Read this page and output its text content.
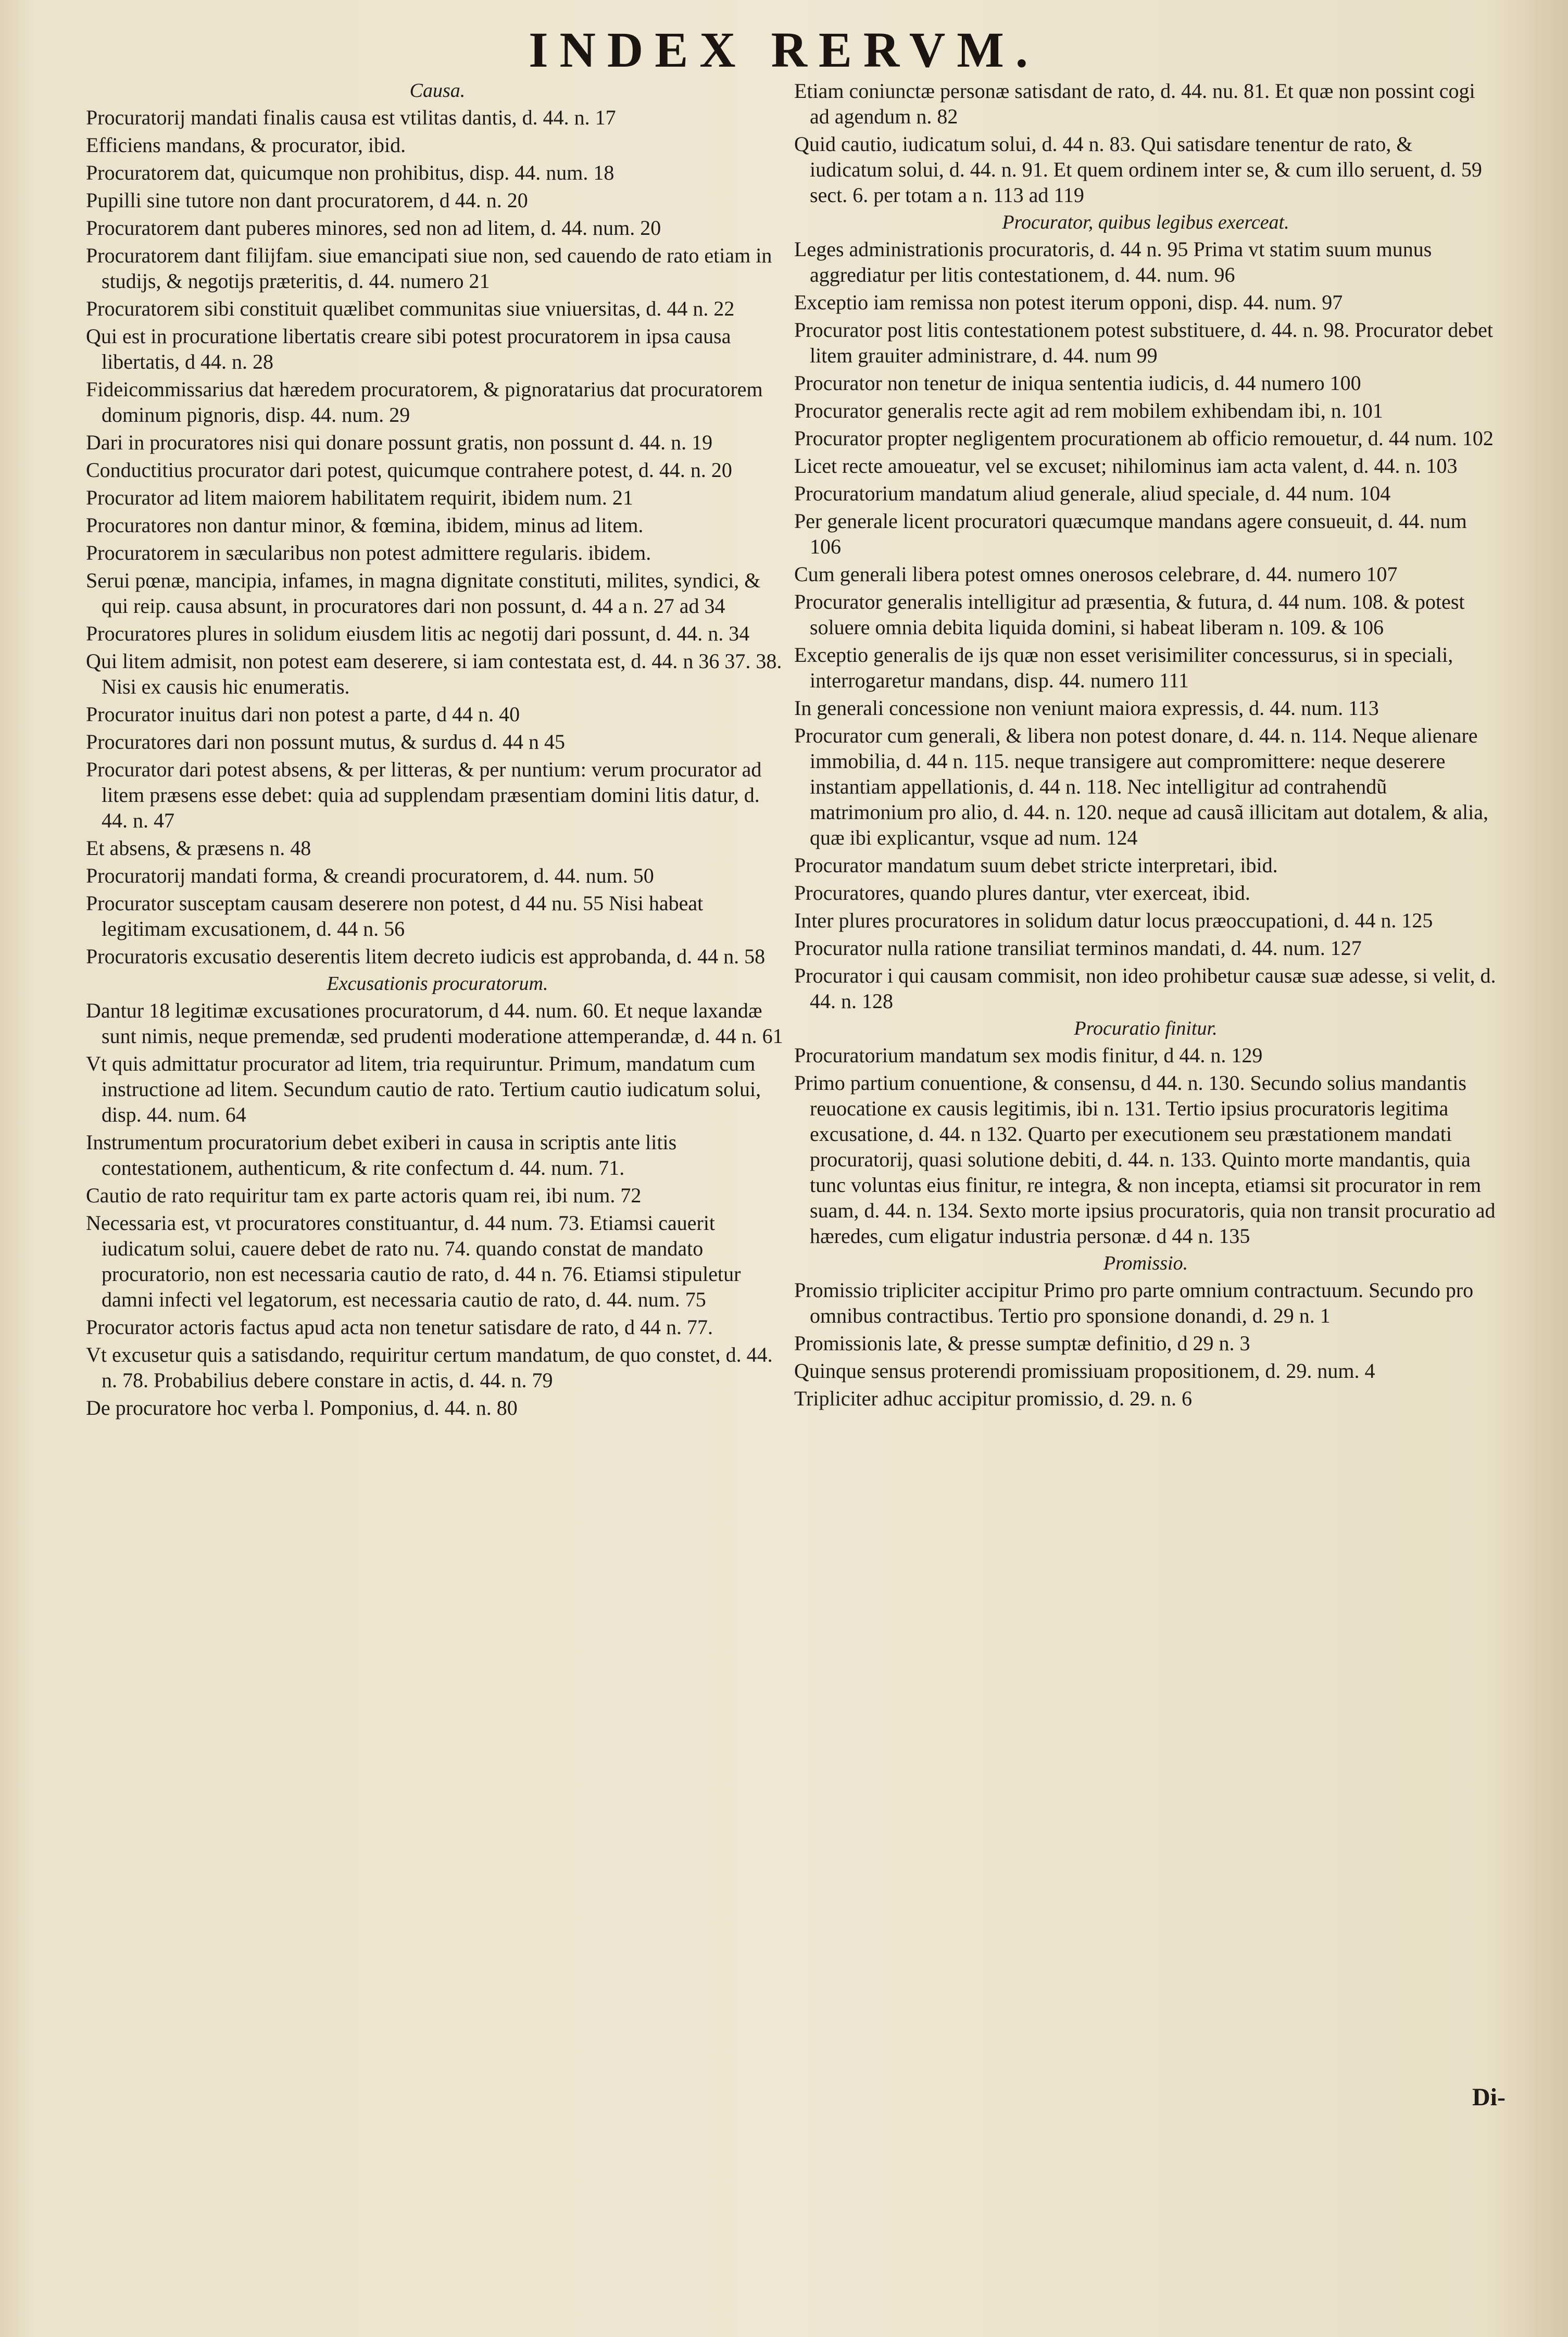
INDEX RERVM.
Causa.
Procuratorij mandati finalis causa est vtilitas dantis, d. 44. n. 17
Efficiens mandans, & procurator, ibid.
Procuratorem dat, quicumque non prohibitus, disp. 44. num. 18
Pupilli sine tutore non dant procuratorem, d 44. n. 20
Procuratorem dant puberes minores, sed non ad litem, d. 44. num. 20
Procuratorem dant filijfam. siue emancipati siue non, sed cauendo de rato etiam in studijs, & negotijs præteritis, d. 44. numero 21
Procuratorem sibi constituit quælibet communitas siue vniuersitas, d. 44 n. 22
Qui est in procuratione libertatis creare sibi potest procuratorem in ipsa causa libertatis, d 44. n. 28
Fideicommissarius dat hæredem procuratorem, & pignoratarius dat procuratorem dominum pignoris, disp. 44. num. 29
Dari in procuratores nisi qui donare possunt gratis, non possunt d. 44. n. 19
Conductitius procurator dari potest, quicumque contrahere potest, d. 44. n. 20
Procurator ad litem maiorem habilitatem requirit, ibidem num. 21
Procuratores non dantur minor, & fœmina, ibidem, minus ad litem.
Procuratorem in sæcularibus non potest admittere regularis. ibidem.
Serui pœnæ, mancipia, infames, in magna dignitate constituti, milites, syndici, & qui reip. causa absunt, in procuratores dari non possunt, d. 44 a n. 27 ad 34
Procuratores plures in solidum eiusdem litis ac negotij dari possunt, d. 44. n. 34
Qui litem admisit, non potest eam deserere, si iam contestata est, d. 44. n 36 37. 38. Nisi ex causis hic enumeratis.
Procurator inuitus dari non potest a parte, d 44 n. 40
Procuratores dari non possunt mutus, & surdus d. 44 n 45
Procurator dari potest absens, & per litteras, & per nuntium: verum procurator ad litem præsens esse debet: quia ad supplendam præsentiam domini litis datur, d. 44. n. 47
Et absens, & præsens n. 48
Procuratorij mandati forma, & creandi procuratorem, d. 44. num. 50
Procurator susceptam causam deserere non potest, d 44 nu. 55 Nisi habeat legitimam excusationem, d. 44 n. 56
Procuratoris excusatio deserentis litem decreto iudicis est approbanda, d. 44 n. 58
Excusationis procuratorum.
Dantur 18 legitimæ excusationes procuratorum, d 44. num. 60. Et neque laxandæ sunt nimis, neque premendæ, sed prudenti moderatione attemperandæ, d. 44 n. 61
Vt quis admittatur procurator ad litem, tria requiruntur. Primum, mandatum cum instructione ad litem. Secundum cautio de rato. Tertium cautio iudicatum solui, disp. 44. num. 64
Instrumentum procuratorium debet exiberi in causa in scriptis ante litis contestationem, authenticum, & rite confectum d. 44. num. 71.
Cautio de rato requiritur tam ex parte actoris quam rei, ibi num. 72
Necessaria est, vt procuratores constituantur, d. 44 num. 73. Etiamsi cauerit iudicatum solui, cauere debet de rato nu. 74. quando constat de mandato procuratorio, non est necessaria cautio de rato, d. 44 n. 76. Etiamsi stipuletur damni infecti vel legatorum, est necessaria cautio de rato, d. 44. num. 75
Procurator actoris factus apud acta non tenetur satisdare de rato, d 44 n. 77.
Vt excusetur quis a satisdando, requiritur certum mandatum, de quo constet, d. 44. n. 78. Probabilius debere constare in actis, d. 44. n. 79
De procuratore hoc verba l. Pomponius, d. 44. n. 80
Etiam coniunctæ personæ satisdant de rato, d. 44. nu. 81. Et quæ non possint cogi ad agendum n. 82
Quid cautio, iudicatum solui, d. 44 n. 83. Qui satisdare tenentur de rato, & iudicatum solui, d. 44. n. 91. Et quem ordinem inter se, & cum illo seruent, d. 59 sect. 6. per totam a n. 113 ad 119
Procurator, quibus legibus exerceat.
Leges administrationis procuratoris, d. 44 n. 95 Prima vt statim suum munus aggrediatur per litis contestationem, d. 44. num. 96
Exceptio iam remissa non potest iterum opponi, disp. 44. num. 97
Procurator post litis contestationem potest substituere, d. 44. n. 98. Procurator debet litem grauiter administrare, d. 44. num 99
Procurator non tenetur de iniqua sententia iudicis, d. 44 numero 100
Procurator generalis recte agit ad rem mobilem exhibendam ibi, n. 101
Procurator propter negligentem procurationem ab officio remouetur, d. 44 num. 102
Licet recte amoueatur, vel se excuset; nihilominus iam acta valent, d. 44. n. 103
Procuratorium mandatum aliud generale, aliud speciale, d. 44 num. 104
Per generale licent procuratori quæcumque mandans agere consueuit, d. 44. num 106
Cum generali libera potest omnes onerosos celebrare, d. 44. numero 107
Procurator generalis intelligitur ad præsentia, & futura, d. 44 num. 108. & potest soluere omnia debita liquida domini, si habeat liberam n. 109. & 106
Exceptio generalis de ijs quæ non esset verisimiliter concessurus, si in speciali, interrogaretur mandans, disp. 44. numero 111
In generali concessione non veniunt maiora expressis, d. 44. num. 113
Procurator cum generali, & libera non potest donare, d. 44. n. 114. Neque alienare immobilia, d. 44 n. 115. neque transigere aut compromittere: neque deserere instantiam appellationis, d. 44 n. 118. Nec intelligitur ad contrahendũ matrimonium pro alio, d. 44. n. 120. neque ad causã illicitam aut dotalem, & alia, quæ ibi explicantur, vsque ad num. 124
Procurator mandatum suum debet stricte interpretari, ibid.
Procuratores, quando plures dantur, vter exerceat, ibid.
Inter plures procuratores in solidum datur locus præoccupationi, d. 44 n. 125
Procurator nulla ratione transiliat terminos mandati, d. 44. num. 127
Procurator i qui causam commisit, non ideo prohibetur causæ suæ adesse, si velit, d. 44. n. 128
Procuratio finitur.
Procuratorium mandatum sex modis finitur, d 44. n. 129
Primo partium conuentione, & consensu, d 44. n. 130. Secundo solius mandantis reuocatione ex causis legitimis, ibi n. 131. Tertio ipsius procuratoris legitima excusatione, d. 44. n 132. Quarto per executionem seu præstationem mandati procuratorij, quasi solutione debiti, d. 44. n. 133. Quinto morte mandantis, quia tunc voluntas eius finitur, re integra, & non incepta, etiamsi sit procurator in rem suam, d. 44. n. 134. Sexto morte ipsius procuratoris, quia non transit procuratio ad hæredes, cum eligatur industria personæ. d 44 n. 135
Promissio.
Promissio tripliciter accipitur Primo pro parte omnium contractuum. Secundo pro omnibus contractibus. Tertio pro sponsione donandi, d. 29 n. 1
Promissionis late, & presse sumptæ definitio, d 29 n. 3
Quinque sensus proterendi promissiuam propositionem, d. 29. num. 4
Tripliciter adhuc accipitur promissio, d. 29. n. 6
Di-
